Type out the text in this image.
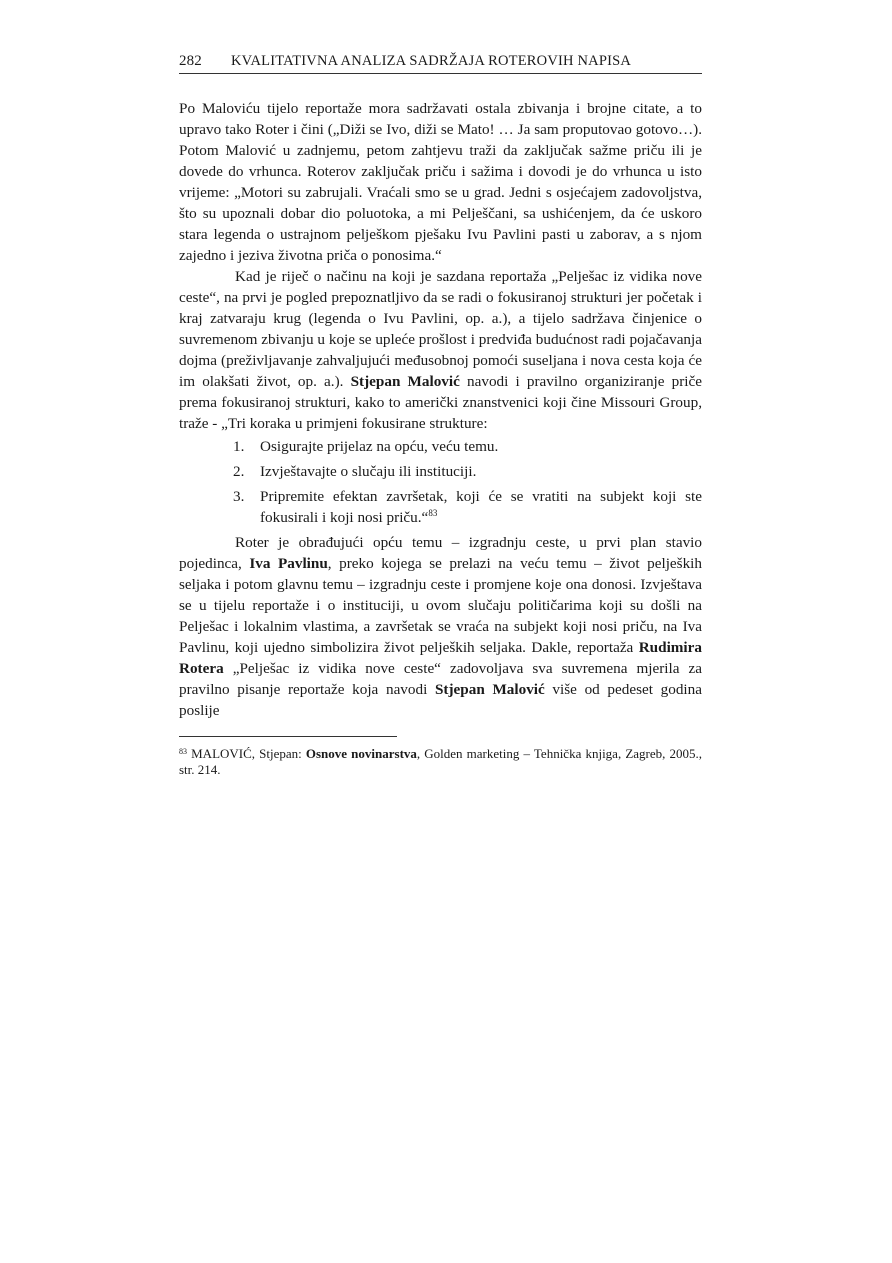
282	KVALITATIVNA ANALIZA SADRŽAJA ROTEROVIH NAPISA

Po Maloviću tijelo reportaže mora sadržavati ostala zbivanja i brojne citate, a to upravo tako Roter i čini („Diži se Ivo, diži se Mato! … Ja sam proputovao gotovo…). Potom Malović u zadnjemu, petom zahtjevu traži da zaključak sažme priču ili je dovede do vrhunca. Roterov zaključak priču i sažima i dovodi je do vrhunca u isto vrijeme: „Motori su zabrujali. Vraćali smo se u grad. Jedni s osjećajem zadovoljstva, što su upoznali dobar dio poluotoka, a mi Pelješčani, sa ushićenjem, da će uskoro stara legenda o ustrajnom pelješkom pješaku Ivu Pavlini pasti u zaborav, a s njom zajedno i jeziva životna priča o ponosima.“

Kad je riječ o načinu na koji je sazdana reportaža „Pelješac iz vidika nove ceste“, na prvi je pogled prepoznatljivo da se radi o fokusiranoj strukturi jer početak i kraj zatvaraju krug (legenda o Ivu Pavlini, op. a.), a tijelo sadržava činjenice o suvremenom zbivanju u koje se upleće prošlost i predviđa budućnost radi pojačavanja dojma (preživljavanje zahvaljujući međusobnoj pomoći suseljana i nova cesta koja će im olakšati život, op. a.). Stjepan Malović navodi i pravilno organiziranje priče prema fokusiranoj strukturi, kako to američki znanstvenici koji čine Missouri Group, traže - „Tri koraka u primjeni fokusirane strukture:

1.	Osigurajte prijelaz na opću, veću temu.
2.	Izvještavajte o slučaju ili instituciji.
3.	Pripremite efektan završetak, koji će se vratiti na subjekt koji ste fokusirali i koji nosi priču.“$^{83}$

Roter je obrađujući opću temu – izgradnju ceste, u prvi plan stavio pojedinca, Iva Pavlinu, preko kojega se prelazi na veću temu – život peljeških seljaka i potom glavnu temu – izgradnju ceste i promjene koje ona donosi. Izvještava se u tijelu reportaže i o instituciji, u ovom slučaju političarima koji su došli na Pelješac i lokalnim vlastima, a završetak se vraća na subjekt koji nosi priču, na Iva Pavlinu, koji ujedno simbolizira život peljeških seljaka. Dakle, reportaža Rudimira Rotera „Pelješac iz vidika nove ceste“ zadovoljava sva suvremena mjerila za pravilno pisanje reportaže koja navodi Stjepan Malović više od pedeset godina poslije

$^{83}$ MALOVIĆ, Stjepan: Osnove novinarstva, Golden marketing – Tehnička knjiga, Zagreb, 2005., str. 214.
